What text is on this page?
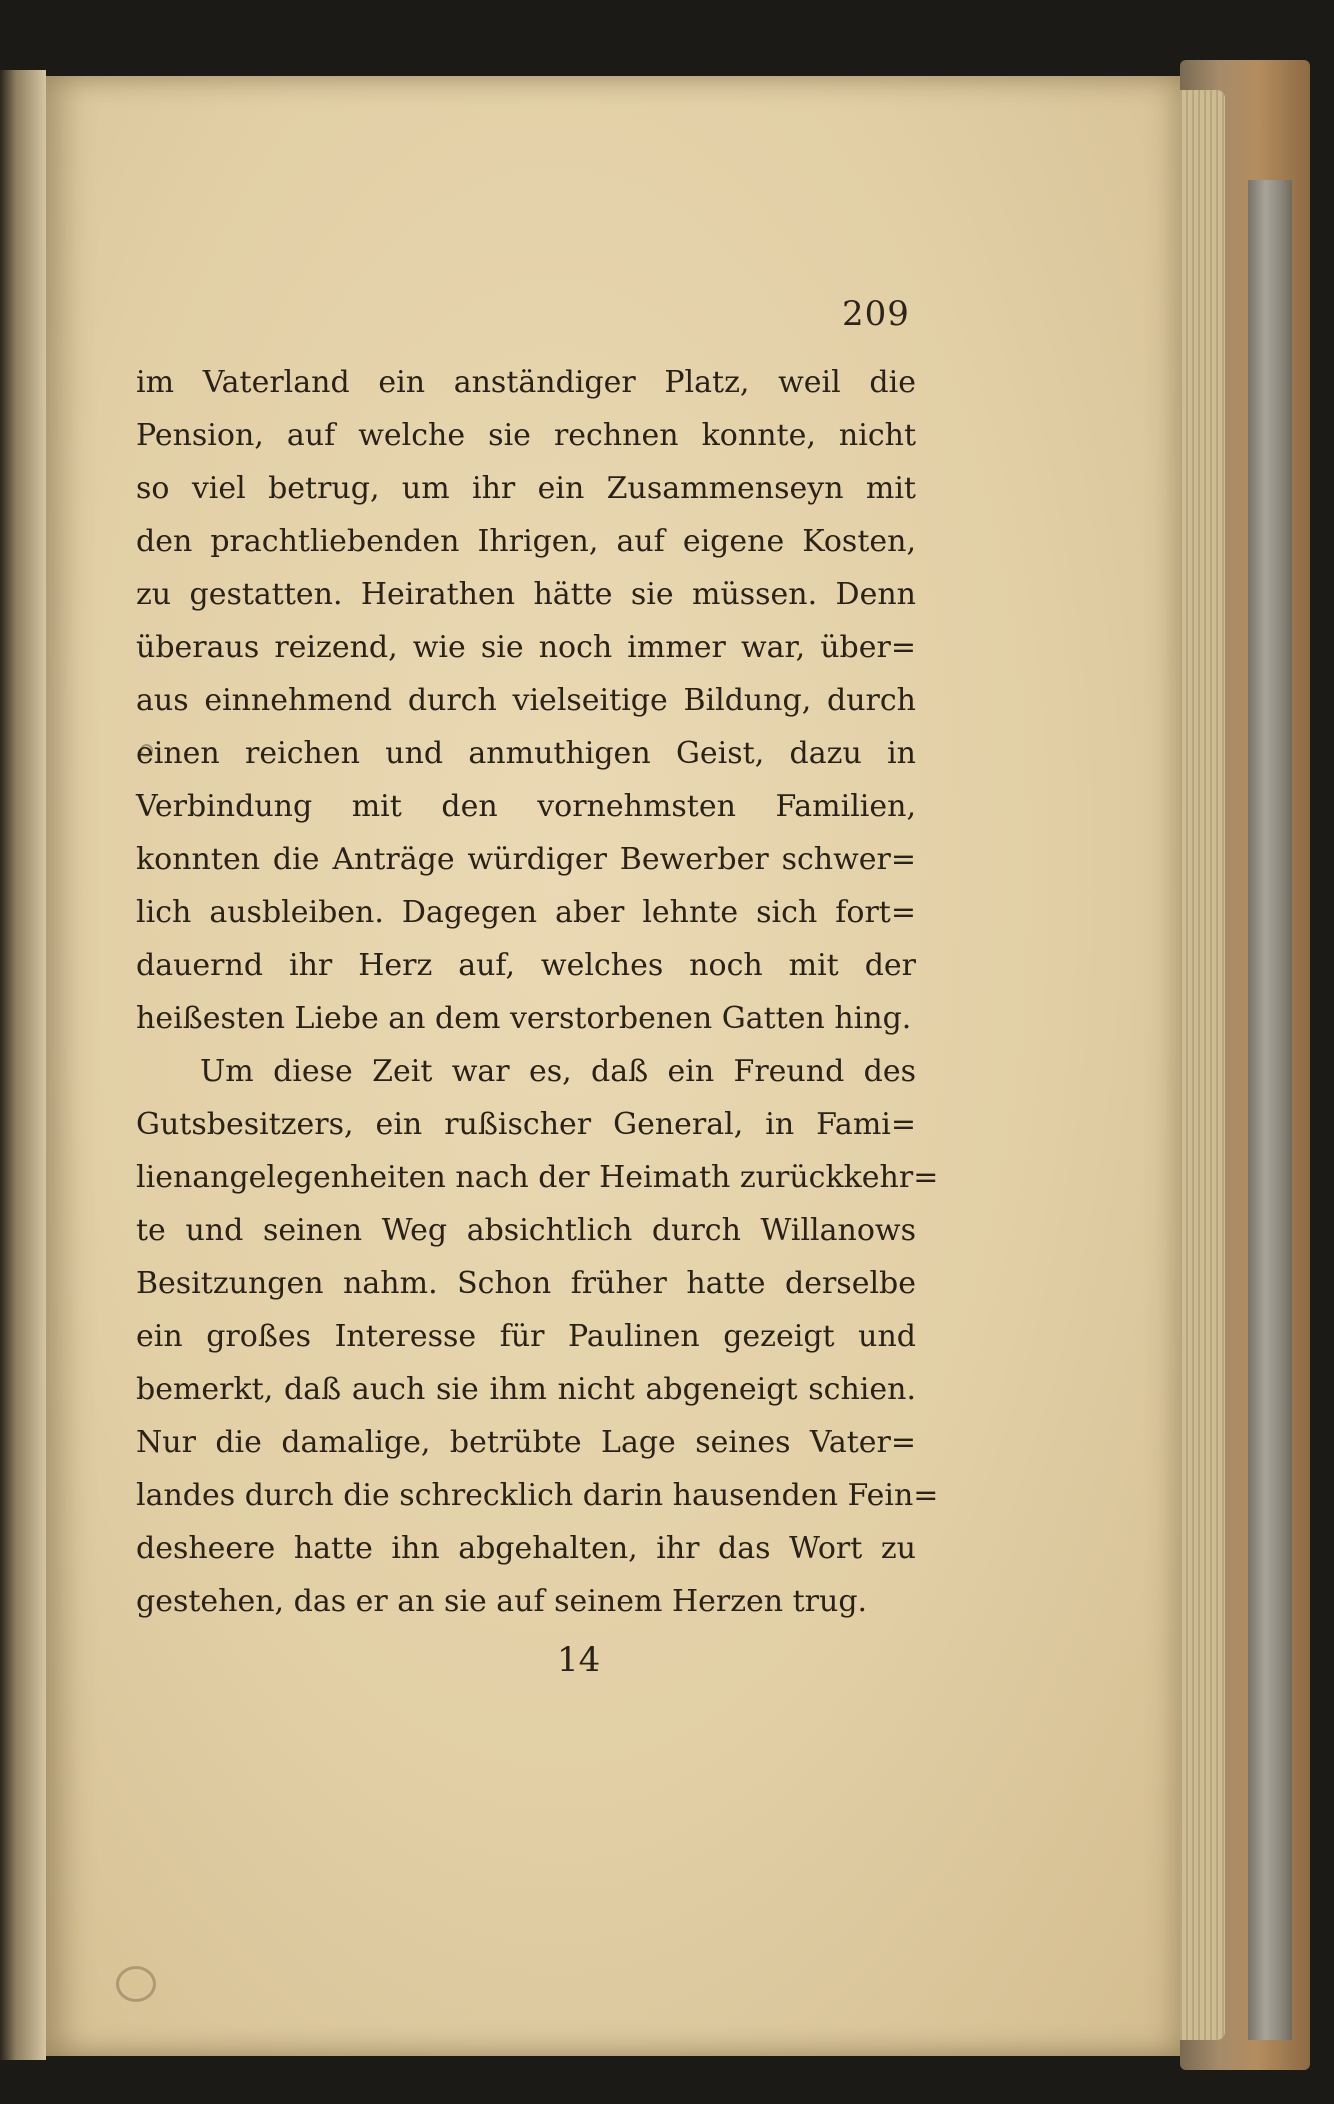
209
im Vaterland ein anständiger Platz, weil die
Pension, auf welche sie rechnen konnte, nicht
so viel betrug, um ihr ein Zusammenseyn mit
den prachtliebenden Ihrigen, auf eigene Kosten,
zu gestatten. Heirathen hätte sie müssen. Denn
überaus reizend, wie sie noch immer war, über=
aus einnehmend durch vielseitige Bildung, durch
einen reichen und anmuthigen Geist, dazu in
Verbindung mit den vornehmsten Familien,
konnten die Anträge würdiger Bewerber schwer=
lich ausbleiben. Dagegen aber lehnte sich fort=
dauernd ihr Herz auf, welches noch mit der
heißesten Liebe an dem verstorbenen Gatten hing.
Um diese Zeit war es, daß ein Freund des
Gutsbesitzers, ein rußischer General, in Fami=
lienangelegenheiten nach der Heimath zurückkehr=
te und seinen Weg absichtlich durch Willanows
Besitzungen nahm. Schon früher hatte derselbe
ein großes Interesse für Paulinen gezeigt und
bemerkt, daß auch sie ihm nicht abgeneigt schien.
Nur die damalige, betrübte Lage seines Vater=
landes durch die schrecklich darin hausenden Fein=
desheere hatte ihn abgehalten, ihr das Wort zu
gestehen, das er an sie auf seinem Herzen trug.
14
